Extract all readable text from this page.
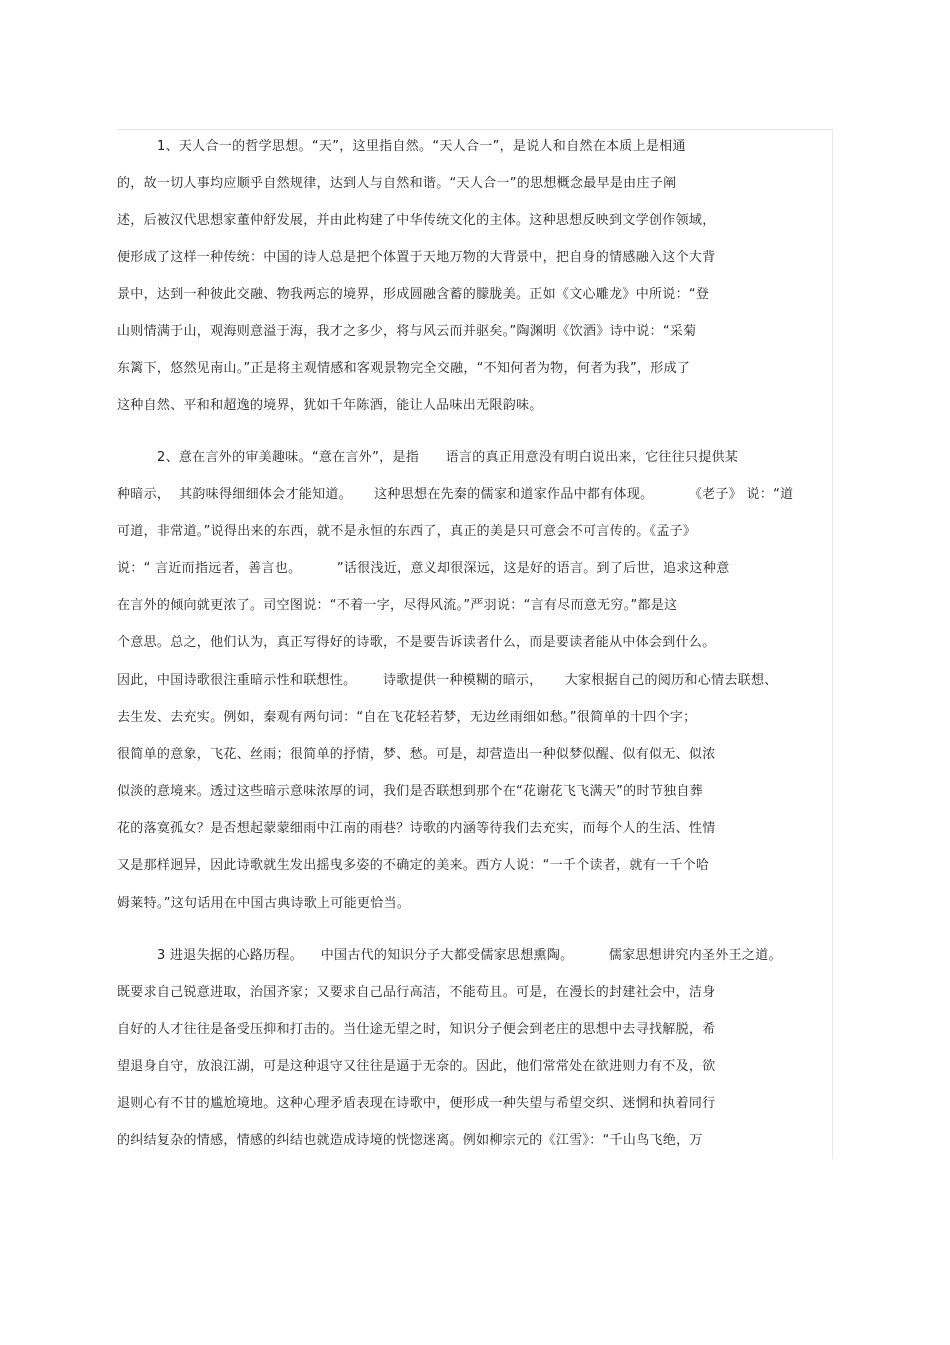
1、天人合一的哲学思想。“天”，这里指自然。“天人合一”，是说人和自然在本质上是相通
的，故一切人事均应顺乎自然规律，达到人与自然和谐。“天人合一”的思想概念最早是由庄子阐
述，后被汉代思想家董仲舒发展，并由此构建了中华传统文化的主体。这种思想反映到文学创作领域，
便形成了这样一种传统：中国的诗人总是把个体置于天地万物的大背景中，把自身的情感融入这个大背
景中，达到一种彼此交融、物我两忘的境界，形成圆融含蓄的朦胧美。正如《文心雕龙》中所说：“登
山则情满于山，观海则意溢于海，我才之多少，将与风云而并驱矣。”陶渊明《饮酒》诗中说：“采菊
东篱下，悠然见南山。”正是将主观情感和客观景物完全交融，“不知何者为物，何者为我”，形成了
这种自然、平和和超逸的境界，犹如千年陈酒，能让人品味出无限韵味。
2、意在言外的审美趣味。“意在言外”，是指      语言的真正用意没有明白说出来，它往往只提供某
种暗示，  其韵味得细细体会才能知道。     这种思想在先秦的儒家和道家作品中都有体现。        《老子》 说：“道
可道，非常道。”说得出来的东西，就不是永恒的东西了，真正的美是只可意会不可言传的。《孟子》
说：“ 言近而指远者，善言也。        ”话很浅近，意义却很深远，这是好的语言。到了后世，追求这种意
在言外的倾向就更浓了。司空图说：“不着一字，尽得风流。”严羽说：“言有尽而意无穷。”都是这
个意思。总之，他们认为，真正写得好的诗歌，不是要告诉读者什么，而是要读者能从中体会到什么。
因此，中国诗歌很注重暗示性和联想性。      诗歌提供一种模糊的暗示，     大家根据自己的阅历和心情去联想、
去生发、去充实。例如，秦观有两句词：“自在飞花轻若梦，无边丝雨细如愁。”很简单的十四个字；
很简单的意象，飞花、丝雨；很简单的抒情，梦、愁。可是，却营造出一种似梦似醒、似有似无、似浓
似淡的意境来。透过这些暗示意味浓厚的词，我们是否联想到那个在“花谢花飞飞满天”的时节独自葬
花的落寞孤女？是否想起蒙蒙细雨中江南的雨巷？诗歌的内涵等待我们去充实，而每个人的生活、性情
又是那样迥异，因此诗歌就生发出摇曳多姿的不确定的美来。西方人说：“一千个读者，就有一千个哈
姆莱特。”这句话用在中国古典诗歌上可能更恰当。
3 进退失据的心路历程。    中国古代的知识分子大都受儒家思想熏陶。        儒家思想讲究内圣外王之道。
既要求自己锐意进取，治国齐家；又要求自己品行高洁，不能苟且。可是，在漫长的封建社会中，洁身
自好的人才往往是备受压抑和打击的。当仕途无望之时，知识分子便会到老庄的思想中去寻找解脱，希
望退身自守，放浪江湖，可是这种退守又往往是逼于无奈的。因此，他们常常处在欲进则力有不及，欲
退则心有不甘的尴尬境地。这种心理矛盾表现在诗歌中，便形成一种失望与希望交织、迷惘和执着同行
的纠结复杂的情感，情感的纠结也就造成诗境的恍惚迷离。例如柳宗元的《江雪》：“千山鸟飞绝，万
